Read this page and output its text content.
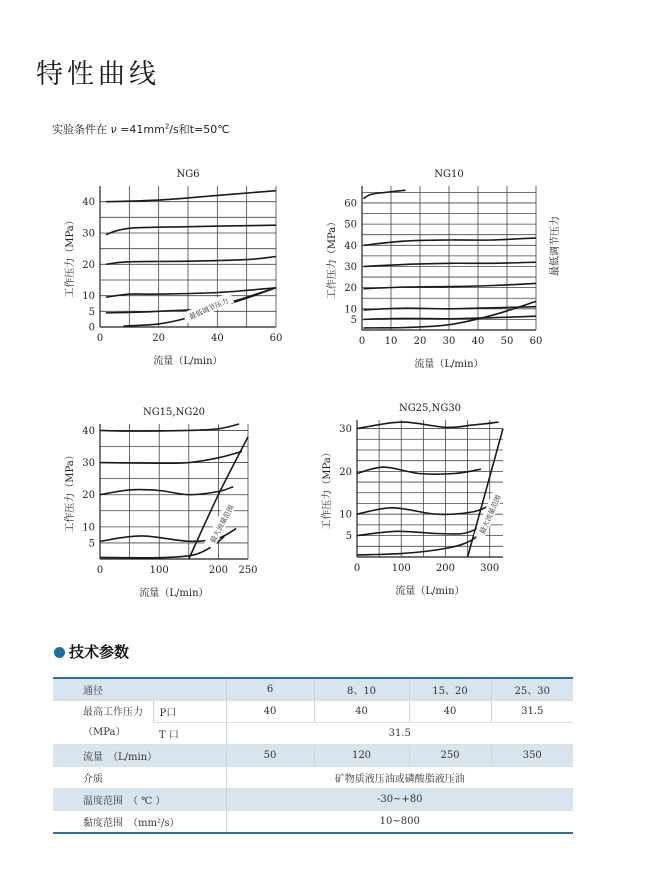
特性曲线
实验条件在 $\nu =41mm^2/s$和t=50℃
NG6
0	20	40	60
0
5
10
20
30
40
流量（L/min）
工作压力（MPa）
最低调节压力
NG10
0 10 20 30 40 50 60
5
10
20
30
40
50
60
流量（L/min）
工作压力（MPa）	最低调节压力
NG15,NG20
0	100	200 250
5
10
20
30
40
流量（L/min）
工作压力（MPa）	最大流量范围
NG25,NG30
0	100	200	300
5
10
20
30
流量（L/min）
工作压力（MPa）	最大流量范围
技术参数
通径		6	8、10	15、20	25、30

最高工作压力
（MPa）	P口	40	40	40	31.5
	T 口	31.5			
流量　（L/min）		50	120	250	350
介质		矿物质液压油或磷酸脂液压油			
温度范围　（ ℃ ）		-30~+80			
黏度范围　（mm²/s）		10~800			
